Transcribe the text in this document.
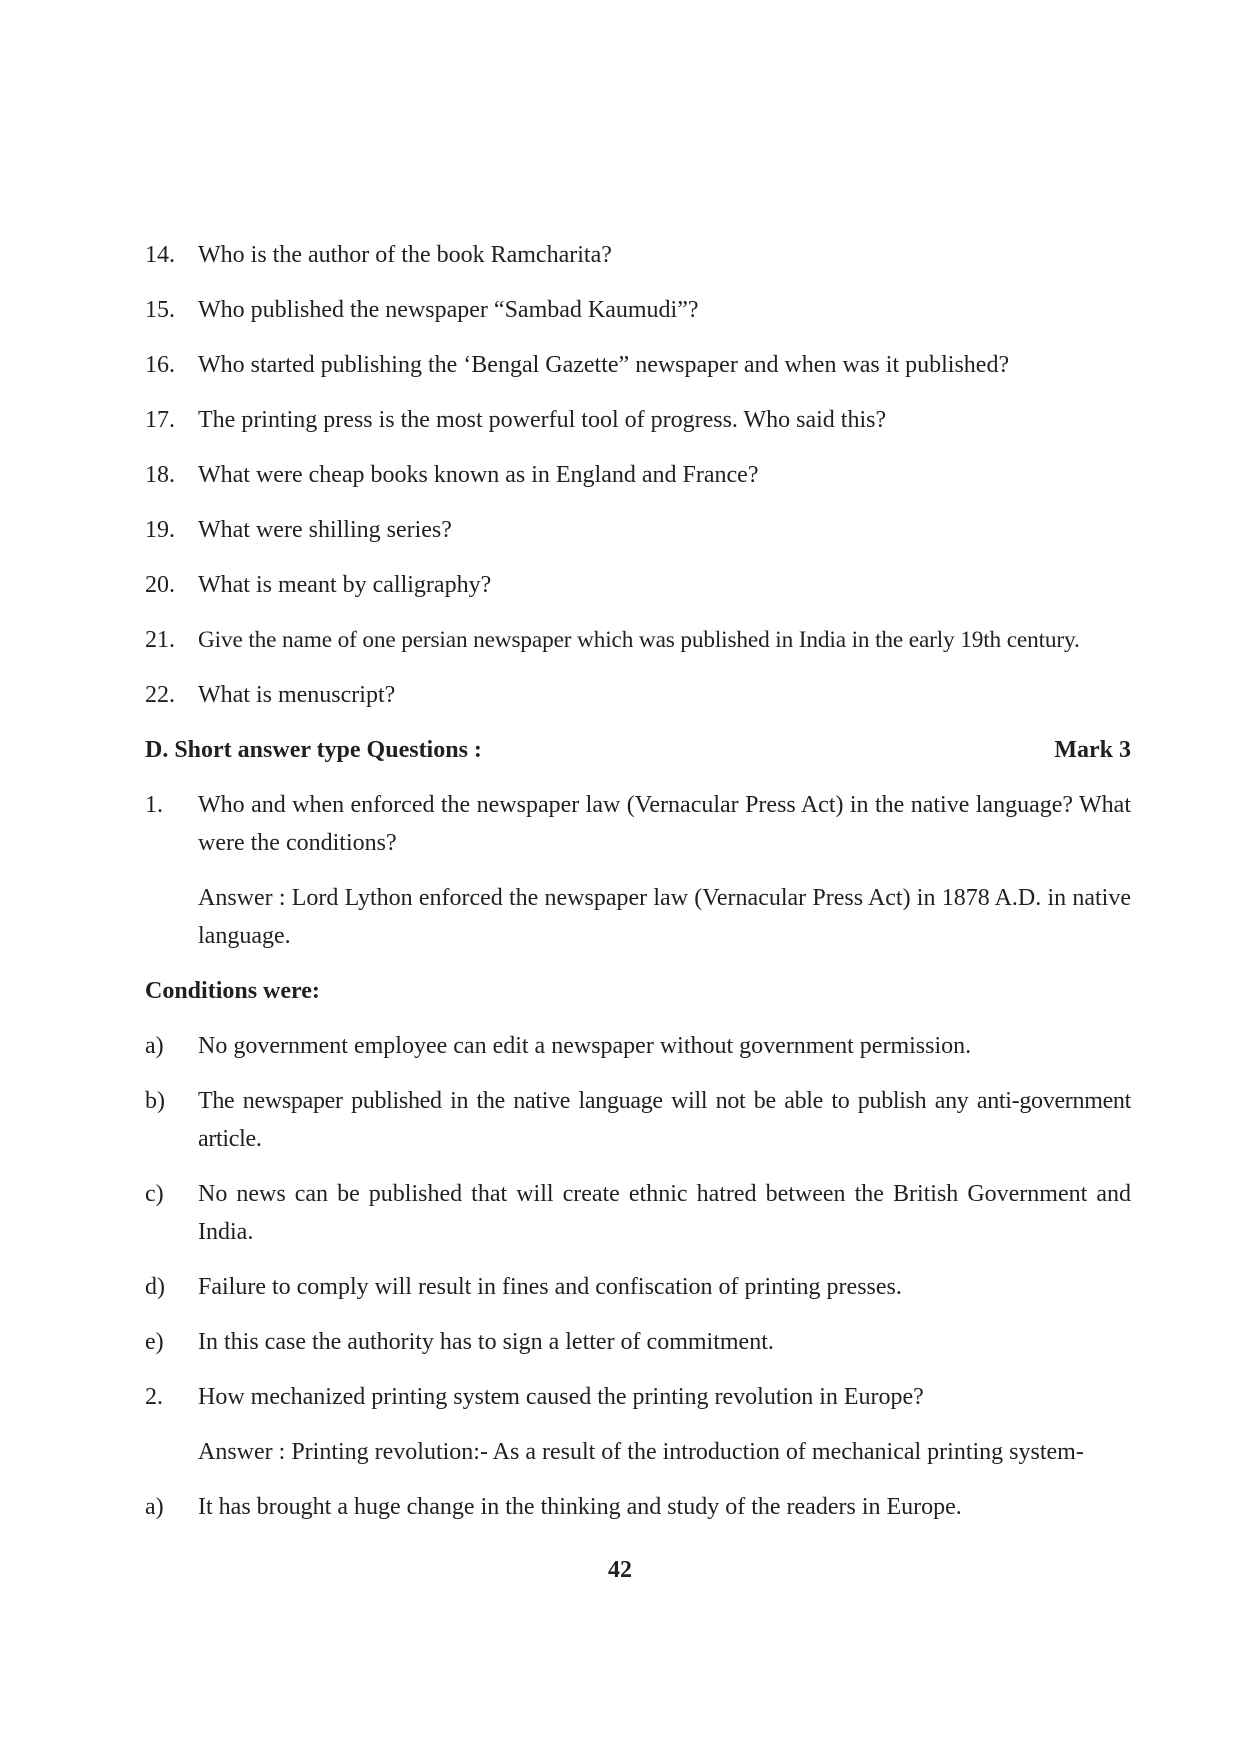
14. Who is the author of the book Ramcharita?
15. Who published the newspaper “Sambad Kaumudi”?
16. Who started publishing the ‘Bengal Gazette” newspaper and when was it published?
17. The printing press is the most powerful tool of progress. Who said this?
18. What were cheap books known as in England and France?
19. What were shilling series?
20. What is meant by calligraphy?
21. Give the name of one persian newspaper which was published in India in the early 19th century.
22. What is menuscript?
D. Short answer type Questions :	Mark 3
1.	Who and when enforced the newspaper law (Vernacular Press Act) in the native language? What were the conditions?
Answer : Lord Lython enforced the newspaper law (Vernacular Press Act) in 1878 A.D. in native language.
Conditions were:
a)	No government employee can edit a newspaper without government permission.
b)	The newspaper published in the native language will not be able to publish any anti-government article.
c)	No news can be published that will create ethnic hatred between the British Government and India.
d)	Failure to comply will result in fines and confiscation of printing presses.
e)	In this case the authority has to sign a letter of commitment.
2.	How mechanized printing system caused the printing revolution in Europe?
Answer : Printing revolution:- As a result of the introduction of mechanical printing system-
a)	It has brought a huge change in the thinking and study of the readers in Europe.
42
